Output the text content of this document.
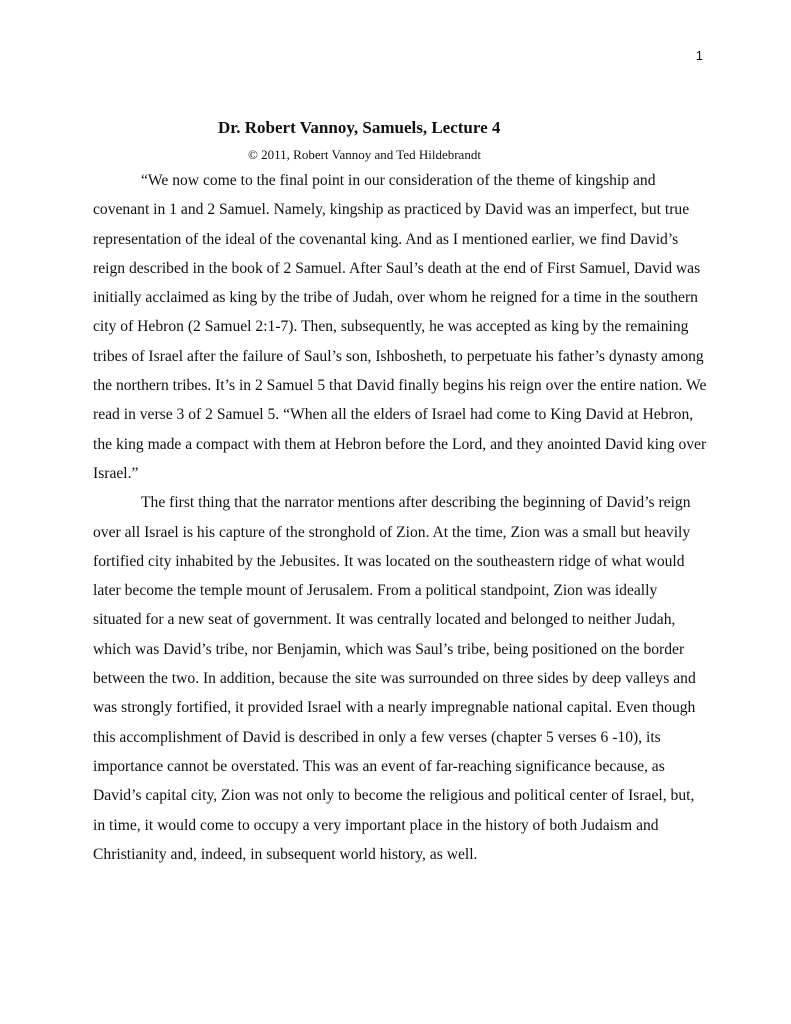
1
Dr. Robert Vannoy, Samuels, Lecture 4
© 2011, Robert Vannoy and Ted Hildebrandt

“We now come to the final point in our consideration of the theme of kingship and covenant in 1 and 2 Samuel. Namely, kingship as practiced by David was an imperfect, but true representation of the ideal of the covenantal king. And as I mentioned earlier, we find David’s reign described in the book of 2 Samuel. After Saul’s death at the end of First Samuel, David was initially acclaimed as king by the tribe of Judah, over whom he reigned for a time in the southern city of Hebron (2 Samuel 2:1-7). Then, subsequently, he was accepted as king by the remaining tribes of Israel after the failure of Saul’s son, Ishbosheth, to perpetuate his father’s dynasty among the northern tribes. It’s in 2 Samuel 5 that David finally begins his reign over the entire nation. We read in verse 3 of 2 Samuel 5. “When all the elders of Israel had come to King David at Hebron, the king made a compact with them at Hebron before the Lord, and they anointed David king over Israel.”

The first thing that the narrator mentions after describing the beginning of David’s reign over all Israel is his capture of the stronghold of Zion. At the time, Zion was a small but heavily fortified city inhabited by the Jebusites. It was located on the southeastern ridge of what would later become the temple mount of Jerusalem. From a political standpoint, Zion was ideally situated for a new seat of government. It was centrally located and belonged to neither Judah, which was David’s tribe, nor Benjamin, which was Saul’s tribe, being positioned on the border between the two. In addition, because the site was surrounded on three sides by deep valleys and was strongly fortified, it provided Israel with a nearly impregnable national capital. Even though this accomplishment of David is described in only a few verses (chapter 5 verses 6 -10), its importance cannot be overstated. This was an event of far-reaching significance because, as David’s capital city, Zion was not only to become the religious and political center of Israel, but, in time, it would come to occupy a very important place in the history of both Judaism and Christianity and, indeed, in subsequent world history, as well.
